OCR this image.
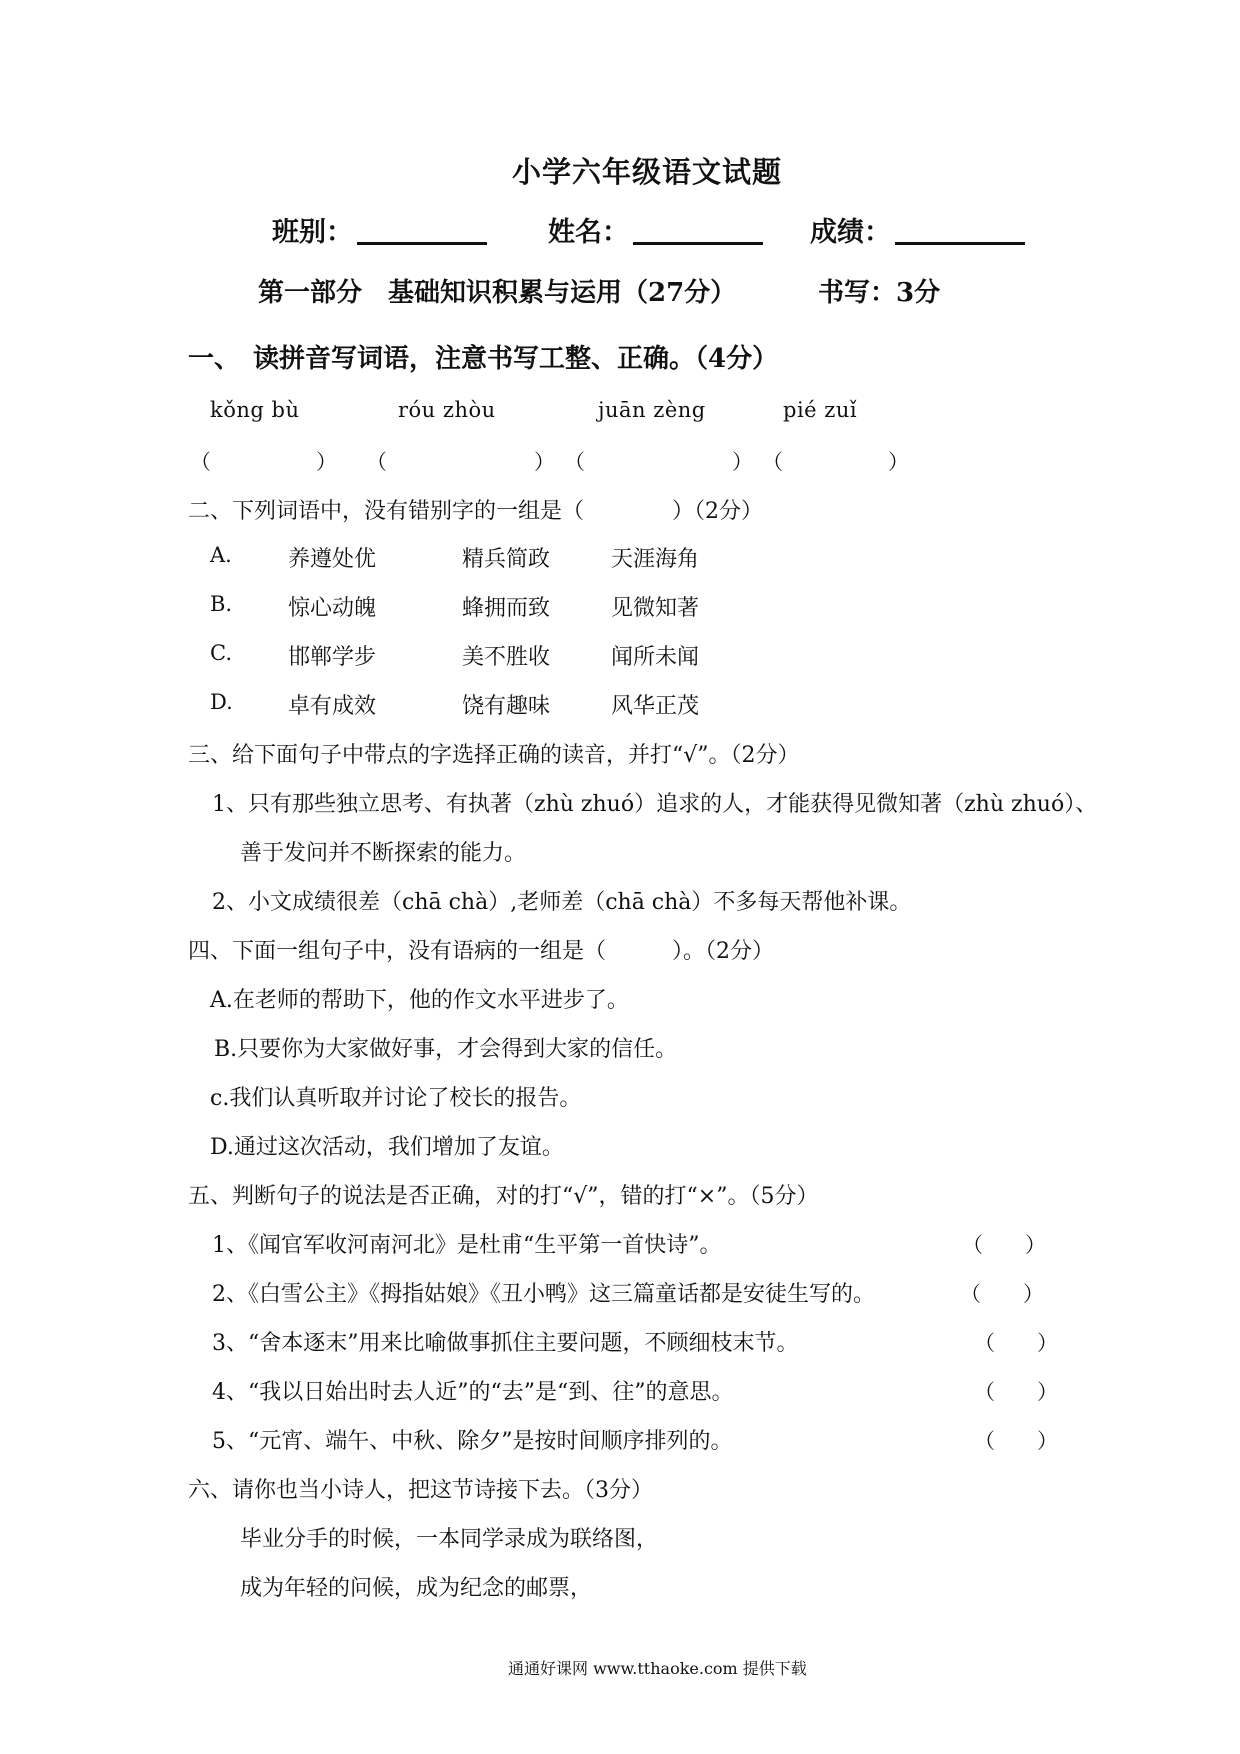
小学六年级语文试题
班别：	姓名：	成绩：
第一部分　基础知识积累与运用（27分）	书写：3分
一、　读拼音写词语，注意书写工整、正确。（4分）
kǒng bù	róu zhòu	juān zèng	pié zuǐ
（　　　　　） （　　　　　　　） （　　　　　　　） （　　　　　）
二、下列词语中，没有错别字的一组是（　　　　）（2分）
A.	养遵处优	精兵简政	天涯海角
B.	惊心动魄	蜂拥而致	见微知著
C.	邯郸学步	美不胜收	闻所未闻
D.	卓有成效	饶有趣味	风华正茂
三、给下面句子中带点的字选择正确的读音，并打“√”。（2分）
1、只有那些独立思考、有执著（zhù zhuó）追求的人，才能获得见微知著（zhù zhuó）、
善于发问并不断探索的能力。
2、小文成绩很差（chā chà）,老师差（chā chà）不多每天帮他补课。
四、下面一组句子中，没有语病的一组是（　　　）。（2分）
A.在老师的帮助下，他的作文水平进步了。
B.只要你为大家做好事，才会得到大家的信任。
c.我们认真听取并讨论了校长的报告。
D.通过这次活动，我们增加了友谊。
五、判断句子的说法是否正确，对的打“√”，错的打“×”。（5分）
1、《闻官军收河南河北》是杜甫“生平第一首快诗”。	（　　）
2、《白雪公主》《拇指姑娘》《丑小鸭》这三篇童话都是安徒生写的。	（　　）
3、“舍本逐末”用来比喻做事抓住主要问题，不顾细枝末节。	（　　）
4、“我以日始出时去人近”的“去”是“到、往”的意思。	（　　）
5、“元宵、端午、中秋、除夕”是按时间顺序排列的。	（　　）
六、请你也当小诗人，把这节诗接下去。（3分）
毕业分手的时候，一本同学录成为联络图，
成为年轻的问候，成为纪念的邮票，
通通好课网 www.tthaoke.com 提供下载
